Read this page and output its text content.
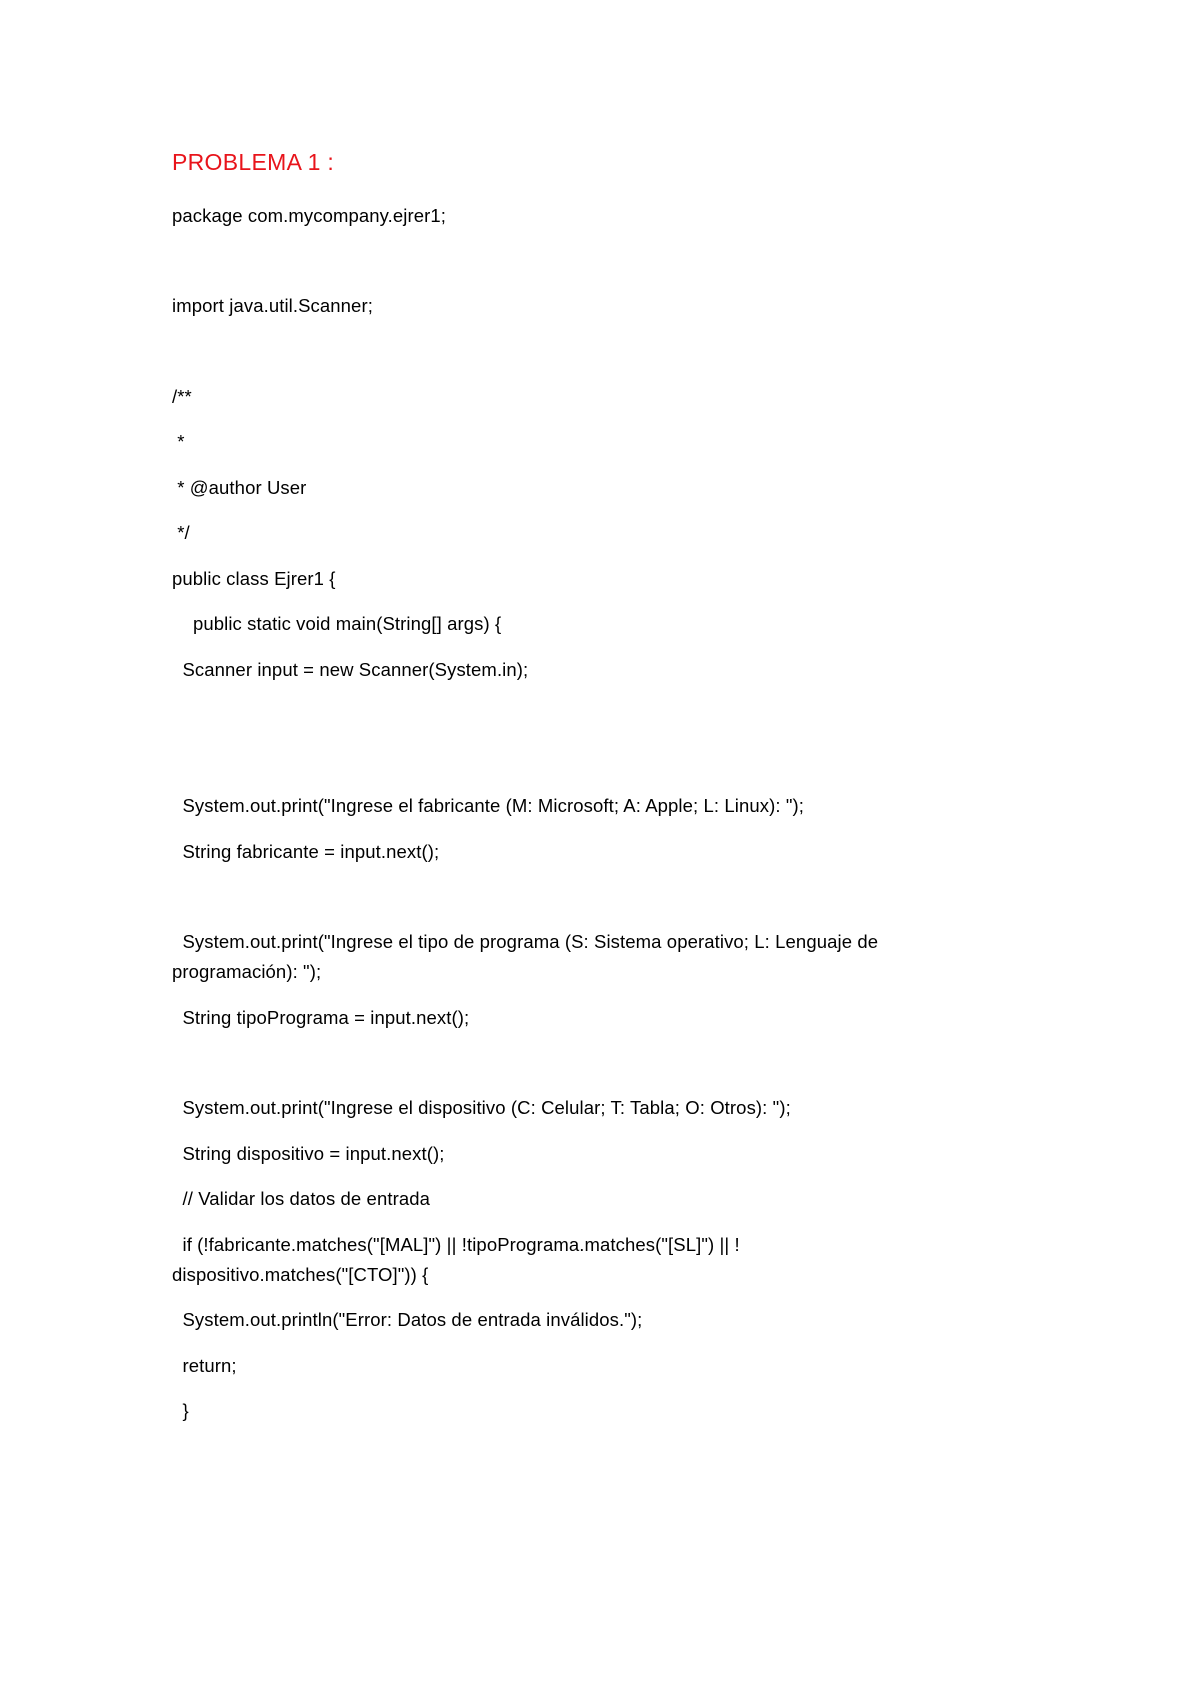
PROBLEMA 1 :
package com.mycompany.ejrer1;
import java.util.Scanner;
/**
*
* @author User
*/
public class Ejrer1 {
public static void main(String[] args) {
Scanner input = new Scanner(System.in);
System.out.print("Ingrese el fabricante (M: Microsoft; A: Apple; L: Linux): ");
String fabricante = input.next();
System.out.print("Ingrese el tipo de programa (S: Sistema operativo; L: Lenguaje de
programación): ");
String tipoPrograma = input.next();
System.out.print("Ingrese el dispositivo (C: Celular; T: Tabla; O: Otros): ");
String dispositivo = input.next();
// Validar los datos de entrada
if (!fabricante.matches("[MAL]") || !tipoPrograma.matches("[SL]") || !
dispositivo.matches("[CTO]")) {
System.out.println("Error: Datos de entrada inválidos.");
return;
}
